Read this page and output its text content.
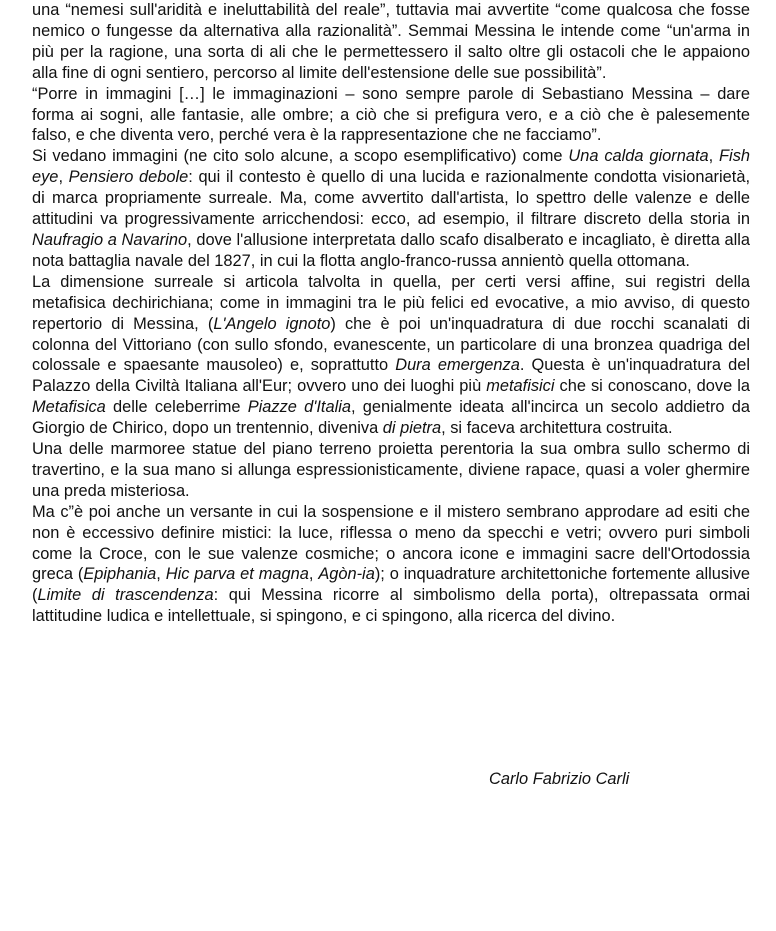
una “nemesi sull'aridità e ineluttabilità del reale”, tuttavia mai avvertite “come qualcosa che fosse nemico o fungesse da alternativa alla razionalità”. Semmai Messina le intende come “un'arma in più per la ragione, una sorta di ali che le permettessero il salto oltre gli ostacoli che le appaiono alla fine di ogni sentiero, percorso al limite dell'estensione delle sue possibilità”.

“Porre in immagini […] le immaginazioni – sono sempre parole di Sebastiano Messina – dare forma ai sogni, alle fantasie, alle ombre; a ciò che si prefigura vero, e a ciò che è palesemente falso, e che diventa vero, perché vera è la rappresentazione che ne facciamo”.

Si vedano immagini (ne cito solo alcune, a scopo esemplificativo) come Una calda giornata, Fish eye, Pensiero debole: qui il contesto è quello di una lucida e razionalmente condotta visionarietà, di marca propriamente surreale. Ma, come avvertito dall'artista, lo spettro delle valenze e delle attitudini va progressivamente arricchendosi: ecco, ad esempio, il filtrare discreto della storia in Naufragio a Navarino, dove l'allusione interpretata dallo scafo disalberato e incagliato, è diretta alla nota battaglia navale del 1827, in cui la flotta anglo-franco-russa annientò quella ottomana.

La dimensione surreale si articola talvolta in quella, per certi versi affine, sui registri della metafisica dechirichiana; come in immagini tra le più felici ed evocative, a mio avviso, di questo repertorio di Messina, (L'Angelo ignoto) che è poi un'inquadratura di due rocchi scanalati di colonna del Vittoriano (con sullo sfondo, evanescente, un particolare di una bronzea quadriga del colossale e spaesante mausoleo) e, soprattutto Dura emergenza. Questa è un'inquadratura del Palazzo della Civiltà Italiana all'Eur; ovvero uno dei luoghi più metafisici che si conoscano, dove la Metafisica delle celeberrime Piazze d'Italia, genialmente ideata all'incirca un secolo addietro da Giorgio de Chirico, dopo un trentennio, diveniva di pietra, si faceva architettura costruita.

Una delle marmoree statue del piano terreno proietta perentoria la sua ombra sullo schermo di travertino, e la sua mano si allunga espressionisticamente, diviene rapace, quasi a voler ghermire una preda misteriosa.

Ma c”è poi anche un versante in cui la sospensione e il mistero sembrano approdare ad esiti che non è eccessivo definire mistici: la luce, riflessa o meno da specchi e vetri; ovvero puri simboli come la Croce, con le sue valenze cosmiche; o ancora icone e immagini sacre dell'Ortodossia greca (Epiphania, Hic parva et magna, Agòn-ia); o inquadrature architettoniche fortemente allusive (Limite di trascendenza: qui Messina ricorre al simbolismo della porta), oltrepassata ormai lattitudine ludica e intellettuale, si spingono, e ci spingono, alla ricerca del divino.

Carlo Fabrizio Carli
